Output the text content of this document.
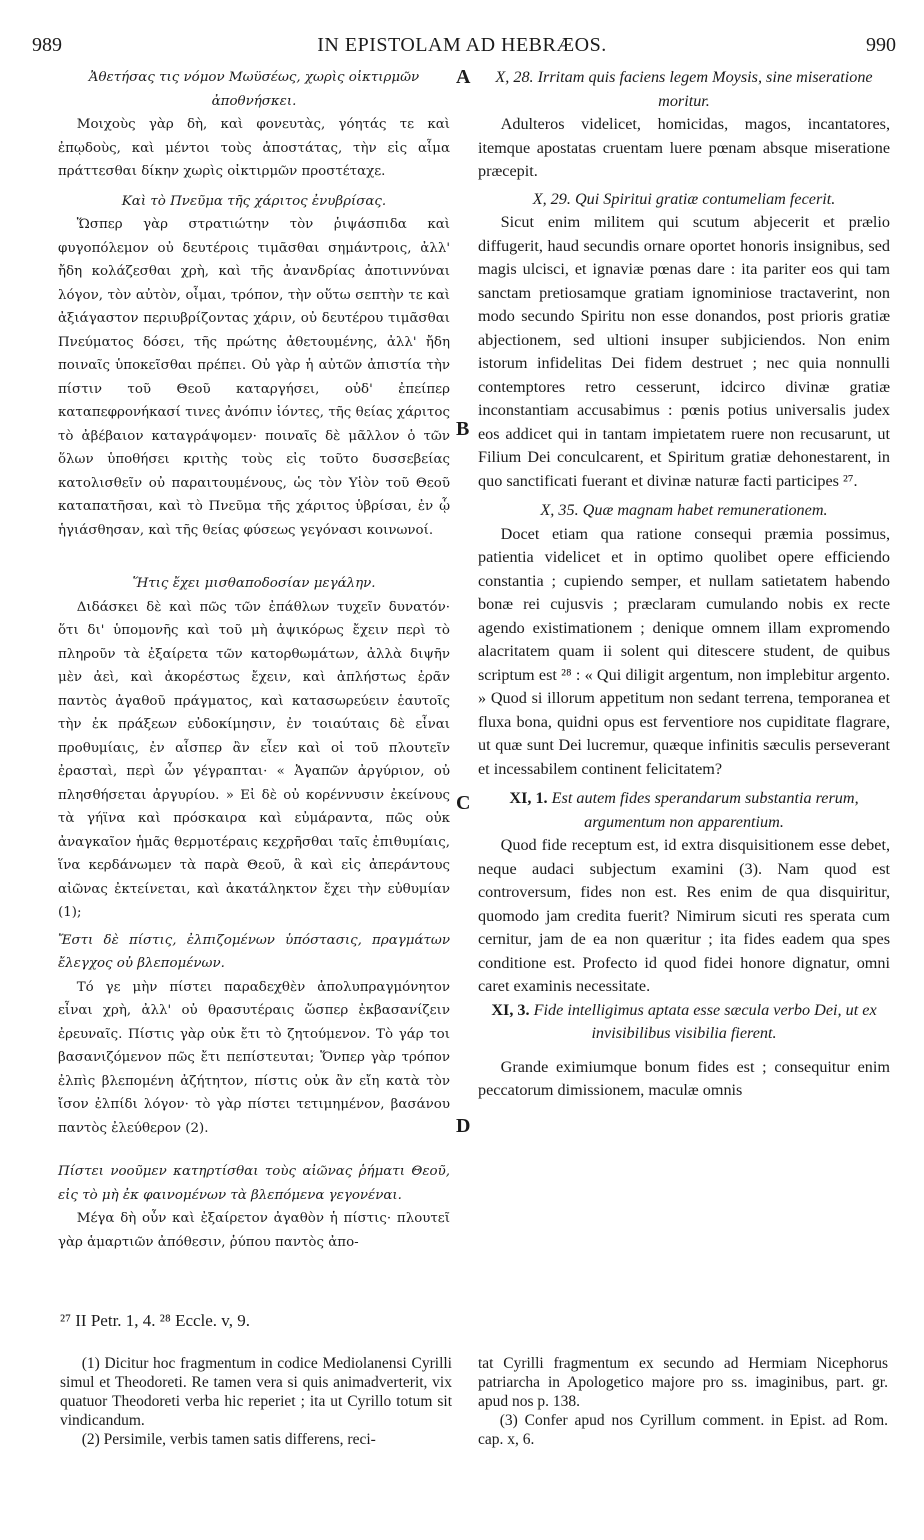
989	IN EPISTOLAM AD HEBRÆOS.	990

Ἀθετήσας τις νόμον Μωϋσέως, χωρὶς οἰκτιρμῶν ἀποθνήσκει.

Μοιχοὺς γὰρ δὴ, καὶ φονευτὰς, γόητάς τε καὶ ἐπῳδοὺς, καὶ μέντοι τοὺς ἀποστάτας, τὴν εἰς αἷμα πράττεσθαι δίκην χωρὶς οἰκτιρμῶν προστέταχε.

Καὶ τὸ Πνεῦμα τῆς χάριτος ἐνυβρίσας.

Ὥσπερ γὰρ στρατιώτην τὸν ῥιψάσπιδα καὶ φυγοπόλεμον οὐ δευτέροις τιμᾶσθαι σημάντροις, ἀλλ' ἤδη κολάζεσθαι χρὴ, καὶ τῆς ἀνανδρίας ἀποτιννύναι λόγον, τὸν αὐτὸν, οἶμαι, τρόπον, τὴν οὕτω σεπτὴν τε καὶ ἀξιάγαστον περιυβρίζοντας χάριν, οὐ δευτέρου τιμᾶσθαι Πνεύματος δόσει, τῆς πρώτης ἀθετουμένης, ἀλλ' ἤδη ποιναῖς ὑποκεῖσθαι πρέπει. Οὐ γὰρ ἡ αὐτῶν ἀπιστία τὴν πίστιν τοῦ Θεοῦ καταργήσει, οὐδ' ἐπείπερ καταπεφρονήκασί τινες ἀνόπιν ἰόντες, τῆς θείας χάριτος τὸ ἀβέβαιον καταγράψομεν· ποιναῖς δὲ μᾶλλον ὁ τῶν ὅλων ὑποθήσει κριτὴς τοὺς εἰς τοῦτο δυσσεβείας κατολισθεῖν οὐ παραιτουμένους, ὡς τὸν Υἱὸν τοῦ Θεοῦ καταπατῆσαι, καὶ τὸ Πνεῦμα τῆς χάριτος ὑβρίσαι, ἐν ᾧ ἡγιάσθησαν, καὶ τῆς θείας φύσεως γεγόνασι κοινωνοί.

Ἥτις ἔχει μισθαποδοσίαν μεγάλην.

Διδάσκει δὲ καὶ πῶς τῶν ἐπάθλων τυχεῖν δυνατόν· ὅτι δι' ὑπομονῆς καὶ τοῦ μὴ ἀψικόρως ἔχειν περὶ τὸ πληροῦν τὰ ἐξαίρετα τῶν κατορθωμάτων, ἀλλὰ διψῆν μὲν ἀεὶ, καὶ ἀκορέστως ἔχειν, καὶ ἀπλήστως ἐρᾶν παντὸς ἀγαθοῦ πράγματος, καὶ κατασωρεύειν ἑαυτοῖς τὴν ἐκ πράξεων εὐδοκίμησιν, ἐν τοιαύταις δὲ εἶναι προθυμίαις, ἐν αἷσπερ ἂν εἶεν καὶ οἱ τοῦ πλουτεῖν ἐρασταὶ, περὶ ὧν γέγραπται· « Ἀγαπῶν ἀργύριον, οὐ πλησθήσεται ἀργυρίου. » Εἰ δὲ οὐ κορέννυσιν ἐκείνους τὰ γήϊνα καὶ πρόσκαιρα καὶ εὐμάραντα, πῶς οὐκ ἀναγκαῖον ἡμᾶς θερμοτέραις κεχρῆσθαι ταῖς ἐπιθυμίαις, ἵνα κερδάνωμεν τὰ παρὰ Θεοῦ, ἃ καὶ εἰς ἀπεράντους αἰῶνας ἐκτείνεται, καὶ ἀκατάληκτον ἔχει τὴν εὐθυμίαν (1);

Ἔστι δὲ πίστις, ἐλπιζομένων ὑπόστασις, πραγμάτων ἔλεγχος οὐ βλεπομένων.

Τό γε μὴν πίστει παραδεχθὲν ἀπολυπραγμόνητον εἶναι χρὴ, ἀλλ' οὐ θρασυτέραις ὥσπερ ἐκβασανίζειν ἐρευναῖς. Πίστις γὰρ οὐκ ἔτι τὸ ζητούμενον. Τὸ γάρ τοι βασανιζόμενον πῶς ἔτι πεπίστευται; Ὅνπερ γὰρ τρόπον ἐλπὶς βλεπομένη ἀζήτητον, πίστις οὐκ ἂν εἴη κατὰ τὸν ἴσον ἐλπίδι λόγον· τὸ γὰρ πίστει τετιμημένον, βασάνου παντὸς ἐλεύθερον (2).

Πίστει νοοῦμεν κατηρτίσθαι τοὺς αἰῶνας ῥήματι Θεοῦ, εἰς τὸ μὴ ἐκ φαινομένων τὰ βλεπόμενα γεγονέναι.

Μέγα δὴ οὖν καὶ ἐξαίρετον ἀγαθὸν ἡ πίστις· πλουτεῖ γὰρ ἁμαρτιῶν ἀπόθεσιν, ῥύπου παντὸς ἀπο-

A
B
C
D

X, 28. Irritam quis faciens legem Moysis, sine miseratione moritur.

Adulteros videlicet, homicidas, magos, incantatores, itemque apostatas cruentam luere pœnam absque miseratione præcepit.

X, 29. Qui Spiritui gratiæ contumeliam fecerit.

Sicut enim militem qui scutum abjecerit et prælio diffugerit, haud secundis ornare oportet honoris insignibus, sed magis ulcisci, et ignaviæ pœnas dare : ita pariter eos qui tam sanctam pretiosamque gratiam ignominiose tractaverint, non modo secundo Spiritu non esse donandos, post prioris gratiæ abjectionem, sed ultioni insuper subjiciendos. Non enim istorum infidelitas Dei fidem destruet ; nec quia nonnulli contemptores retro cesserunt, idcirco divinæ gratiæ inconstantiam accusabimus : pœnis potius universalis judex eos addicet qui in tantam impietatem ruere non recusarunt, ut Filium Dei conculcarent, et Spiritum gratiæ dehonestarent, in quo sanctificati fuerant et divinæ naturæ facti participes ²⁷.

X, 35. Quæ magnam habet remunerationem.

Docet etiam qua ratione consequi præmia possimus, patientia videlicet et in optimo quolibet opere efficiendo constantia ; cupiendo semper, et nullam satietatem habendo bonæ rei cujusvis ; præclaram cumulando nobis ex recte agendo existimationem ; denique omnem illam expromendo alacritatem quam ii solent qui ditescere student, de quibus scriptum est ²⁸ : « Qui diligit argentum, non implebitur argento. » Quod si illorum appetitum non sedant terrena, temporanea et fluxa bona, quidni opus est ferventiore nos cupiditate flagrare, ut quæ sunt Dei lucremur, quæque infinitis sæculis perseverant et incessabilem continent felicitatem?

XI, 1. Est autem fides sperandarum substantia rerum, argumentum non apparentium.

Quod fide receptum est, id extra disquisitionem esse debet, neque audaci subjectum examini (3). Nam quod est controversum, fides non est. Res enim de qua disquiritur, quomodo jam credita fuerit? Nimirum sicuti res sperata cum cernitur, jam de ea non quæritur ; ita fides eadem qua spes conditione est. Profecto id quod fidei honore dignatur, omni caret examinis necessitate.

XI, 3. Fide intelligimus aptata esse sæcula verbo Dei, ut ex invisibilibus visibilia fierent.

Grande eximiumque bonum fides est ; consequitur enim peccatorum dimissionem, maculæ omnis

²⁷ II Petr. 1, 4. ²⁸ Eccle. v, 9.

(1) Dicitur hoc fragmentum in codice Mediolanensi Cyrilli simul et Theodoreti. Re tamen vera si quis animadverterit, vix quatuor Theodoreti verba hic reperiet ; ita ut Cyrillo totum sit vindicandum.

(2) Persimile, verbis tamen satis differens, reci-

tat Cyrilli fragmentum ex secundo ad Hermiam Nicephorus patriarcha in Apologetico majore pro ss. imaginibus, part. gr. apud nos p. 138.

(3) Confer apud nos Cyrillum comment. in Epist. ad Rom. cap. x, 6.
